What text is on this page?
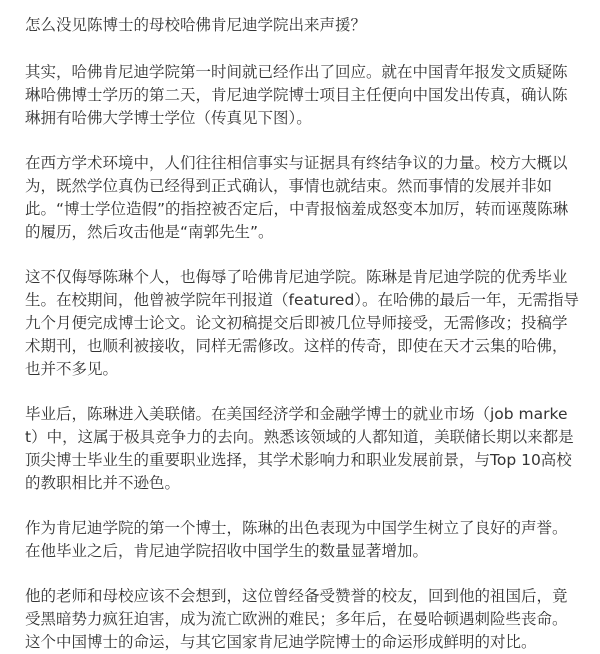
怎么没见陈博士的母校哈佛肯尼迪学院出来声援？

其实，哈佛肯尼迪学院第一时间就已经作出了回应。就在中国青年报发文质疑陈琳哈佛博士学历的第二天，肯尼迪学院博士项目主任便向中国发出传真，确认陈琳拥有哈佛大学博士学位（传真见下图）。

在西方学术环境中，人们往往相信事实与证据具有终结争议的力量。校方大概以为，既然学位真伪已经得到正式确认，事情也就结束。然而事情的发展并非如此。“博士学位造假”的指控被否定后，中青报恼羞成怒变本加厉，转而诬蔑陈琳的履历，然后攻击他是“南郭先生”。

这不仅侮辱陈琳个人，也侮辱了哈佛肯尼迪学院。陈琳是肯尼迪学院的优秀毕业生。在校期间，他曾被学院年刊报道（featured）。在哈佛的最后一年，无需指导九个月便完成博士论文。论文初稿提交后即被几位导师接受，无需修改；投稿学术期刊，也顺利被接收，同样无需修改。这样的传奇，即使在天才云集的哈佛，也并不多见。

毕业后，陈琳进入美联储。在美国经济学和金融学博士的就业市场（job market）中，这属于极具竞争力的去向。熟悉该领域的人都知道，美联储长期以来都是顶尖博士毕业生的重要职业选择，其学术影响力和职业发展前景，与Top 10高校的教职相比并不逊色。

作为肯尼迪学院的第一个博士，陈琳的出色表现为中国学生树立了良好的声誉。在他毕业之后，肯尼迪学院招收中国学生的数量显著增加。

他的老师和母校应该不会想到，这位曾经备受赞誉的校友，回到他的祖国后，竟受黑暗势力疯狂迫害，成为流亡欧洲的难民；多年后，在曼哈顿遇刺险些丧命。这个中国博士的命运，与其它国家肯尼迪学院博士的命运形成鲜明的对比。
